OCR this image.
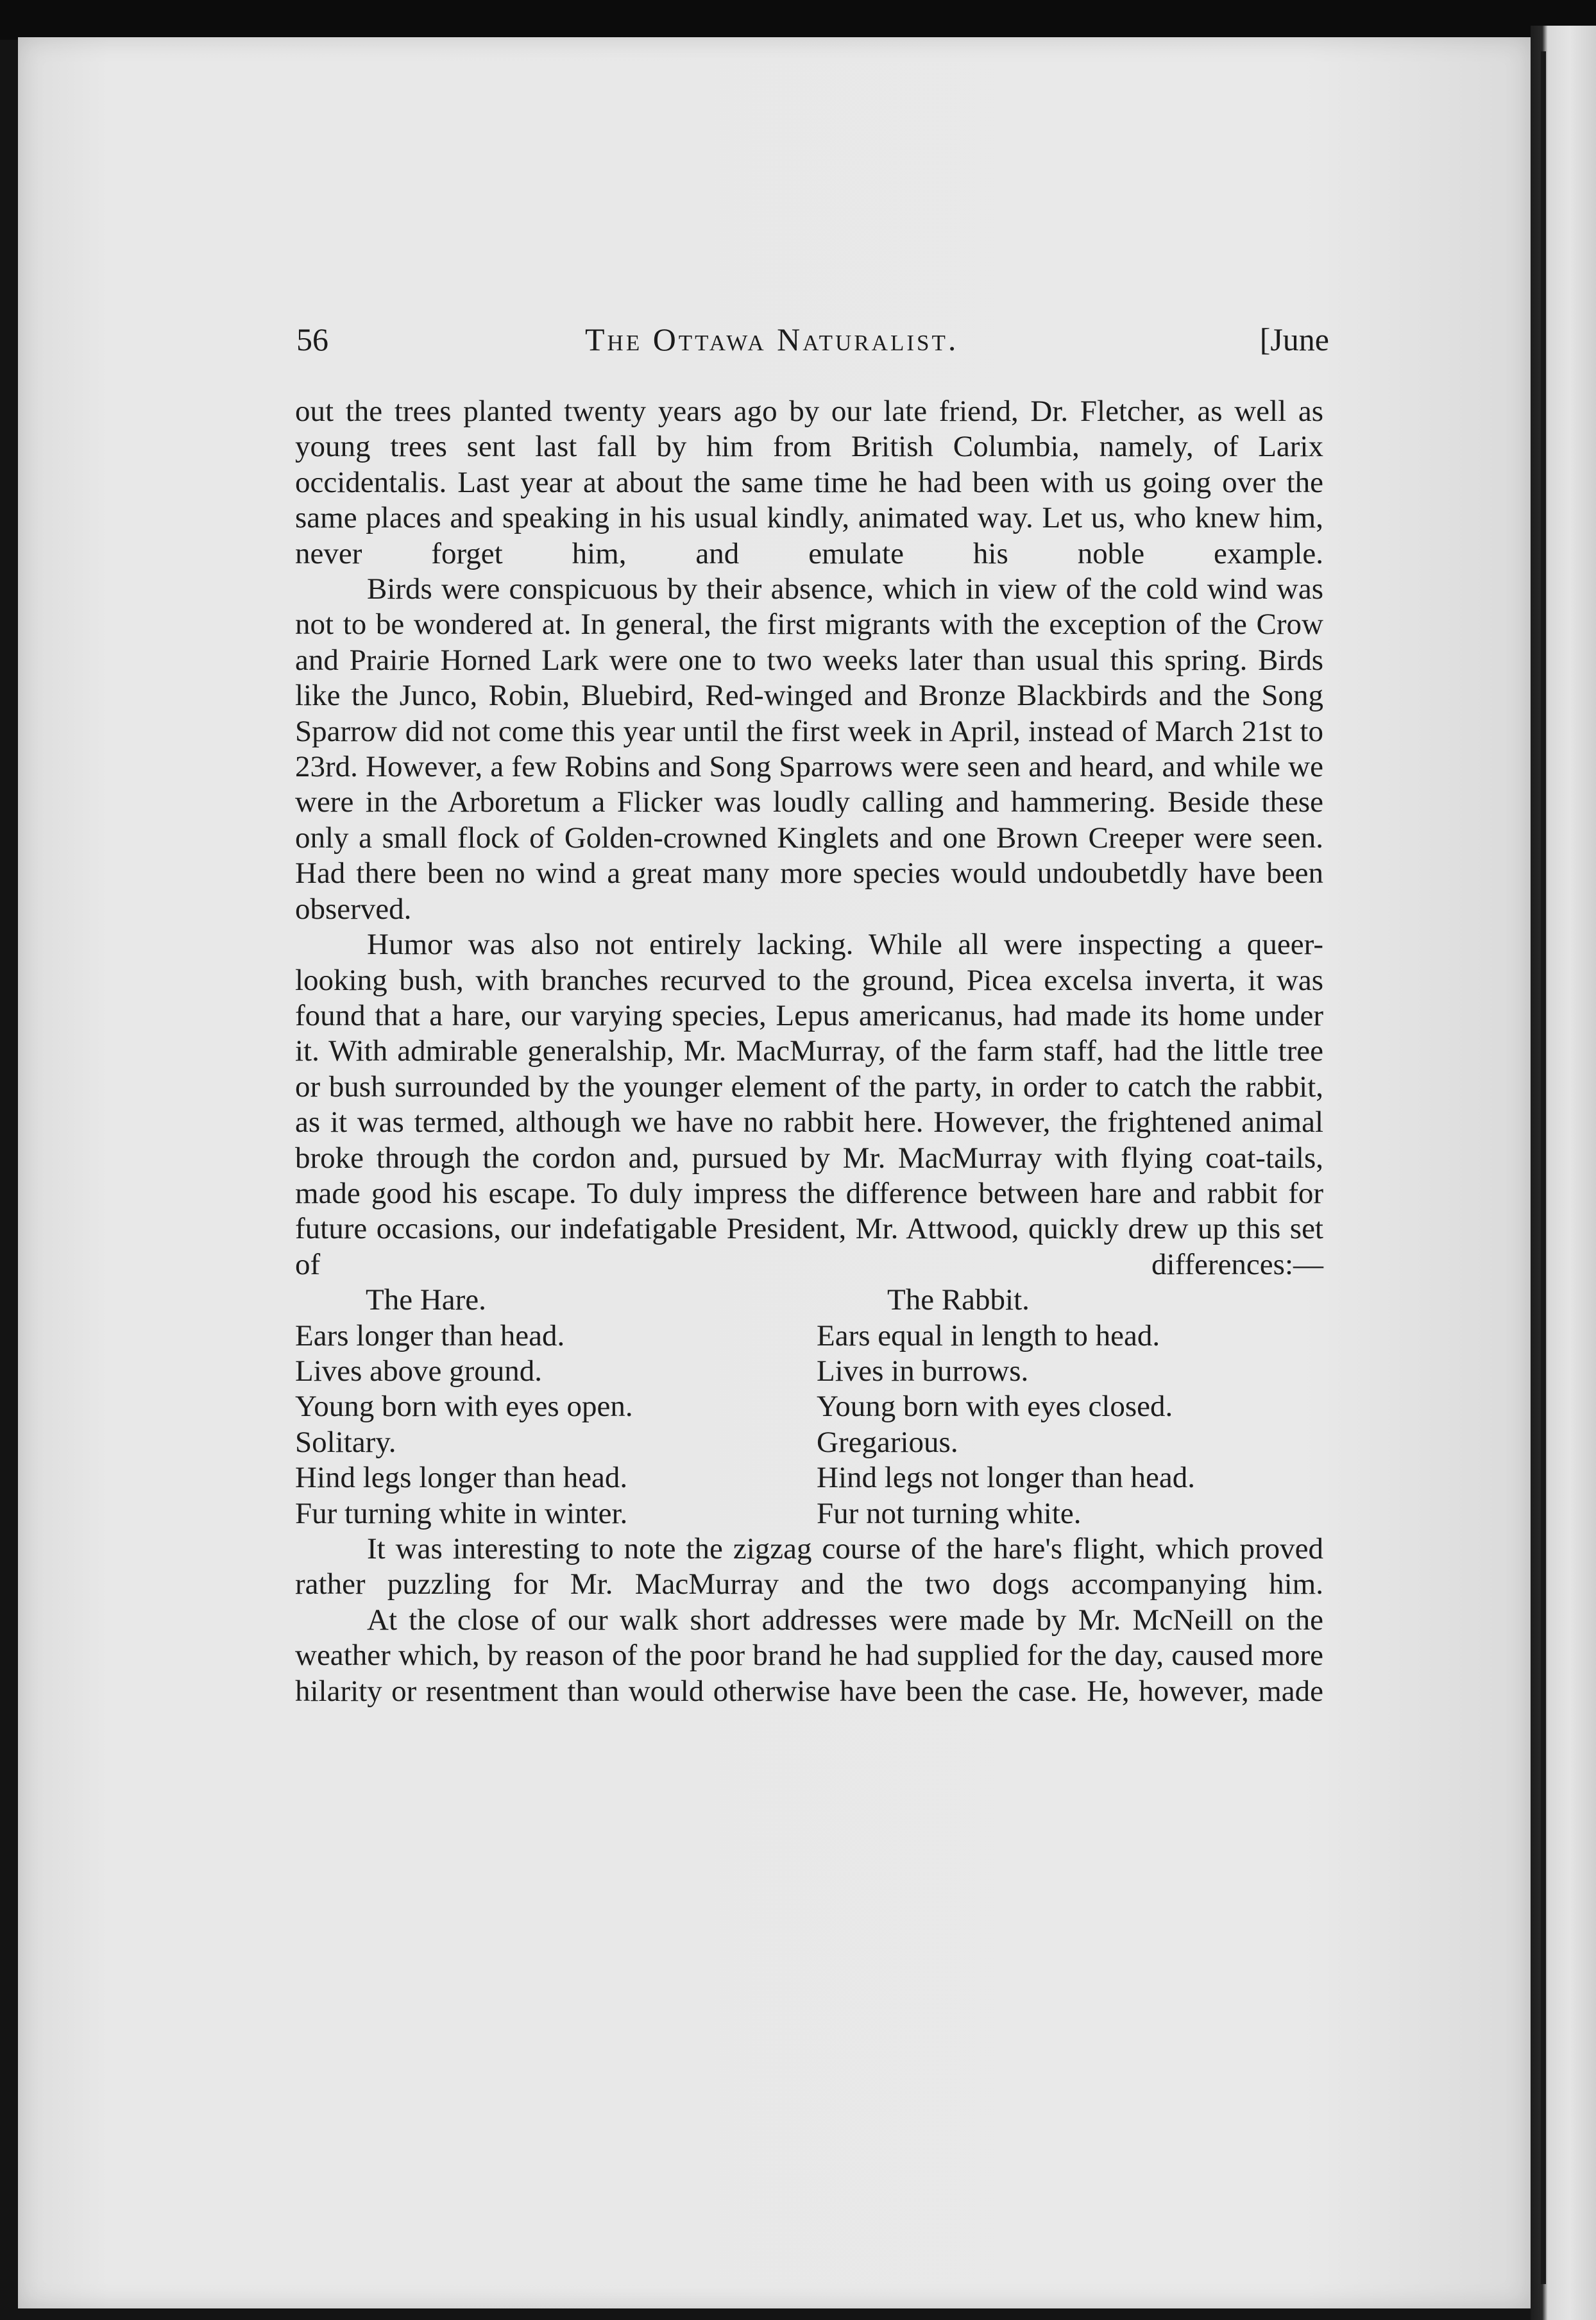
56	The Ottawa Naturalist.	[June

out the trees planted twenty years ago by our late friend, Dr. Fletcher, as well as young trees sent last fall by him from British Columbia, namely, of Larix occidentalis. Last year at about the same time he had been with us going over the same places and speaking in his usual kindly, animated way. Let us, who knew him, never forget him, and emulate his noble example.

Birds were conspicuous by their absence, which in view of the cold wind was not to be wondered at. In general, the first migrants with the exception of the Crow and Prairie Horned Lark were one to two weeks later than usual this spring. Birds like the Junco, Robin, Bluebird, Red-winged and Bronze Blackbirds and the Song Sparrow did not come this year until the first week in April, instead of March 21st to 23rd. However, a few Robins and Song Sparrows were seen and heard, and while we were in the Arboretum a Flicker was loudly calling and hammering. Beside these only a small flock of Golden-crowned Kinglets and one Brown Creeper were seen. Had there been no wind a great many more species would undoubetdly have been observed.

Humor was also not entirely lacking. While all were inspecting a queer-looking bush, with branches recurved to the ground, Picea excelsa inverta, it was found that a hare, our varying species, Lepus americanus, had made its home under it. With admirable generalship, Mr. MacMurray, of the farm staff, had the little tree or bush surrounded by the younger element of the party, in order to catch the rabbit, as it was termed, although we have no rabbit here. However, the frightened animal broke through the cordon and, pursued by Mr. MacMurray with flying coat-tails, made good his escape. To duly impress the difference between hare and rabbit for future occasions, our indefatigable President, Mr. Attwood, quickly drew up this set of differences:—

The Hare.
Ears longer than head.
Lives above ground.
Young born with eyes open.
Solitary.
Hind legs longer than head.
Fur turning white in winter.
The Rabbit.
Ears equal in length to head.
Lives in burrows.
Young born with eyes closed.
Gregarious.
Hind legs not longer than head.
Fur not turning white.

It was interesting to note the zigzag course of the hare's flight, which proved rather puzzling for Mr. MacMurray and the two dogs accompanying him.

At the close of our walk short addresses were made by Mr. McNeill on the weather which, by reason of the poor brand he had supplied for the day, caused more hilarity or resentment than would otherwise have been the case. He, however, made
